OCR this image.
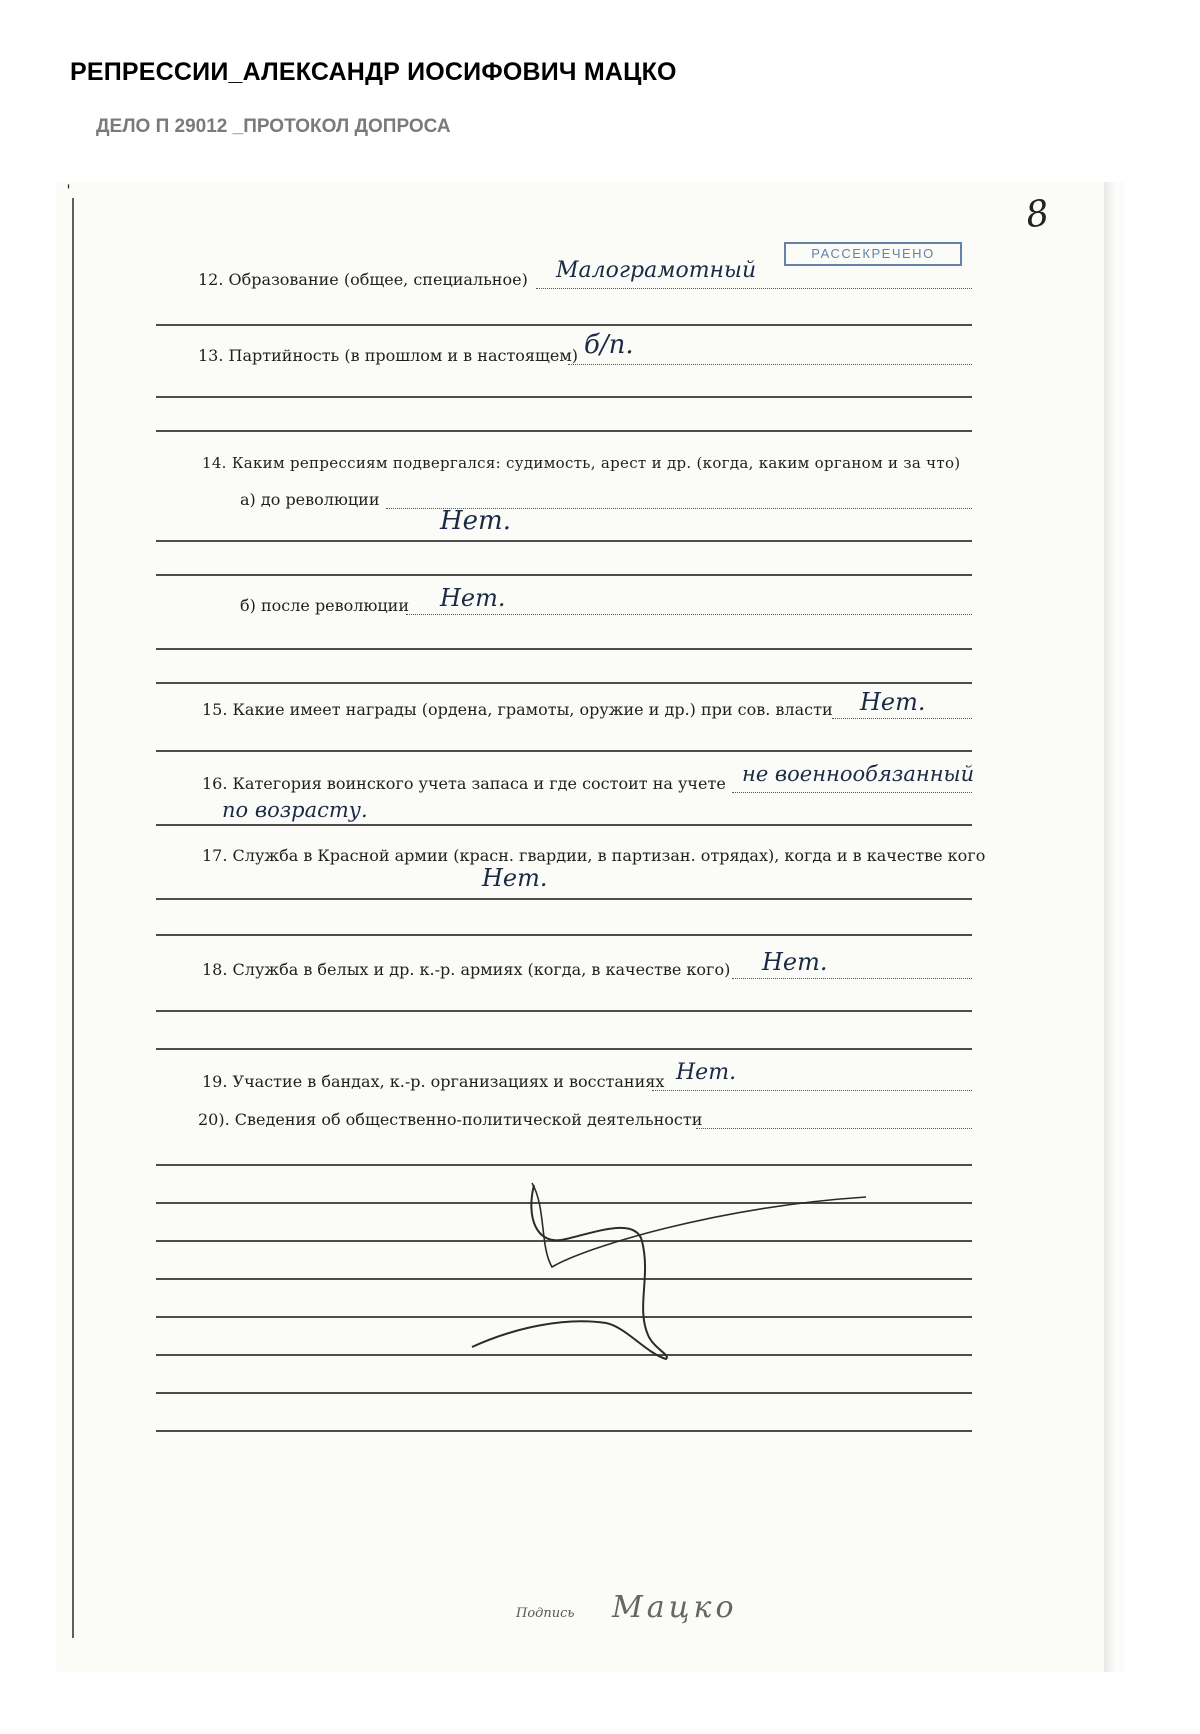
РЕПРЕССИИ_АЛЕКСАНДР ИОСИФОВИЧ МАЦКО
ДЕЛО П 29012 _ПРОТОКОЛ ДОПРОСА
ˈ
8
РАССЕКРЕЧЕНО
12. Образование (общее, специальное) Малограмотный
13. Партийность (в прошлом и в настоящем) б/п.
14. Каким репрессиям подвергался: судимость, арест и др. (когда, каким органом и за что)
а) до революции
Нет.
б) после революции Нет.
15. Какие имеет награды (ордена, грамоты, оружие и др.) при сов. власти Нет.
16. Категория воинского учета запаса и где состоит на учете не военнообязанный
по возрасту.
17. Служба в Красной армии (красн. гвардии, в партизан. отрядах), когда и в качестве кого
Нет.
18. Служба в белых и др. к.-р. армиях (когда, в качестве кого) Нет.
19. Участие в бандах, к.-р. организациях и восстаниях Нет.
20). Сведения об общественно-политической деятельности
Подпись Мацко
